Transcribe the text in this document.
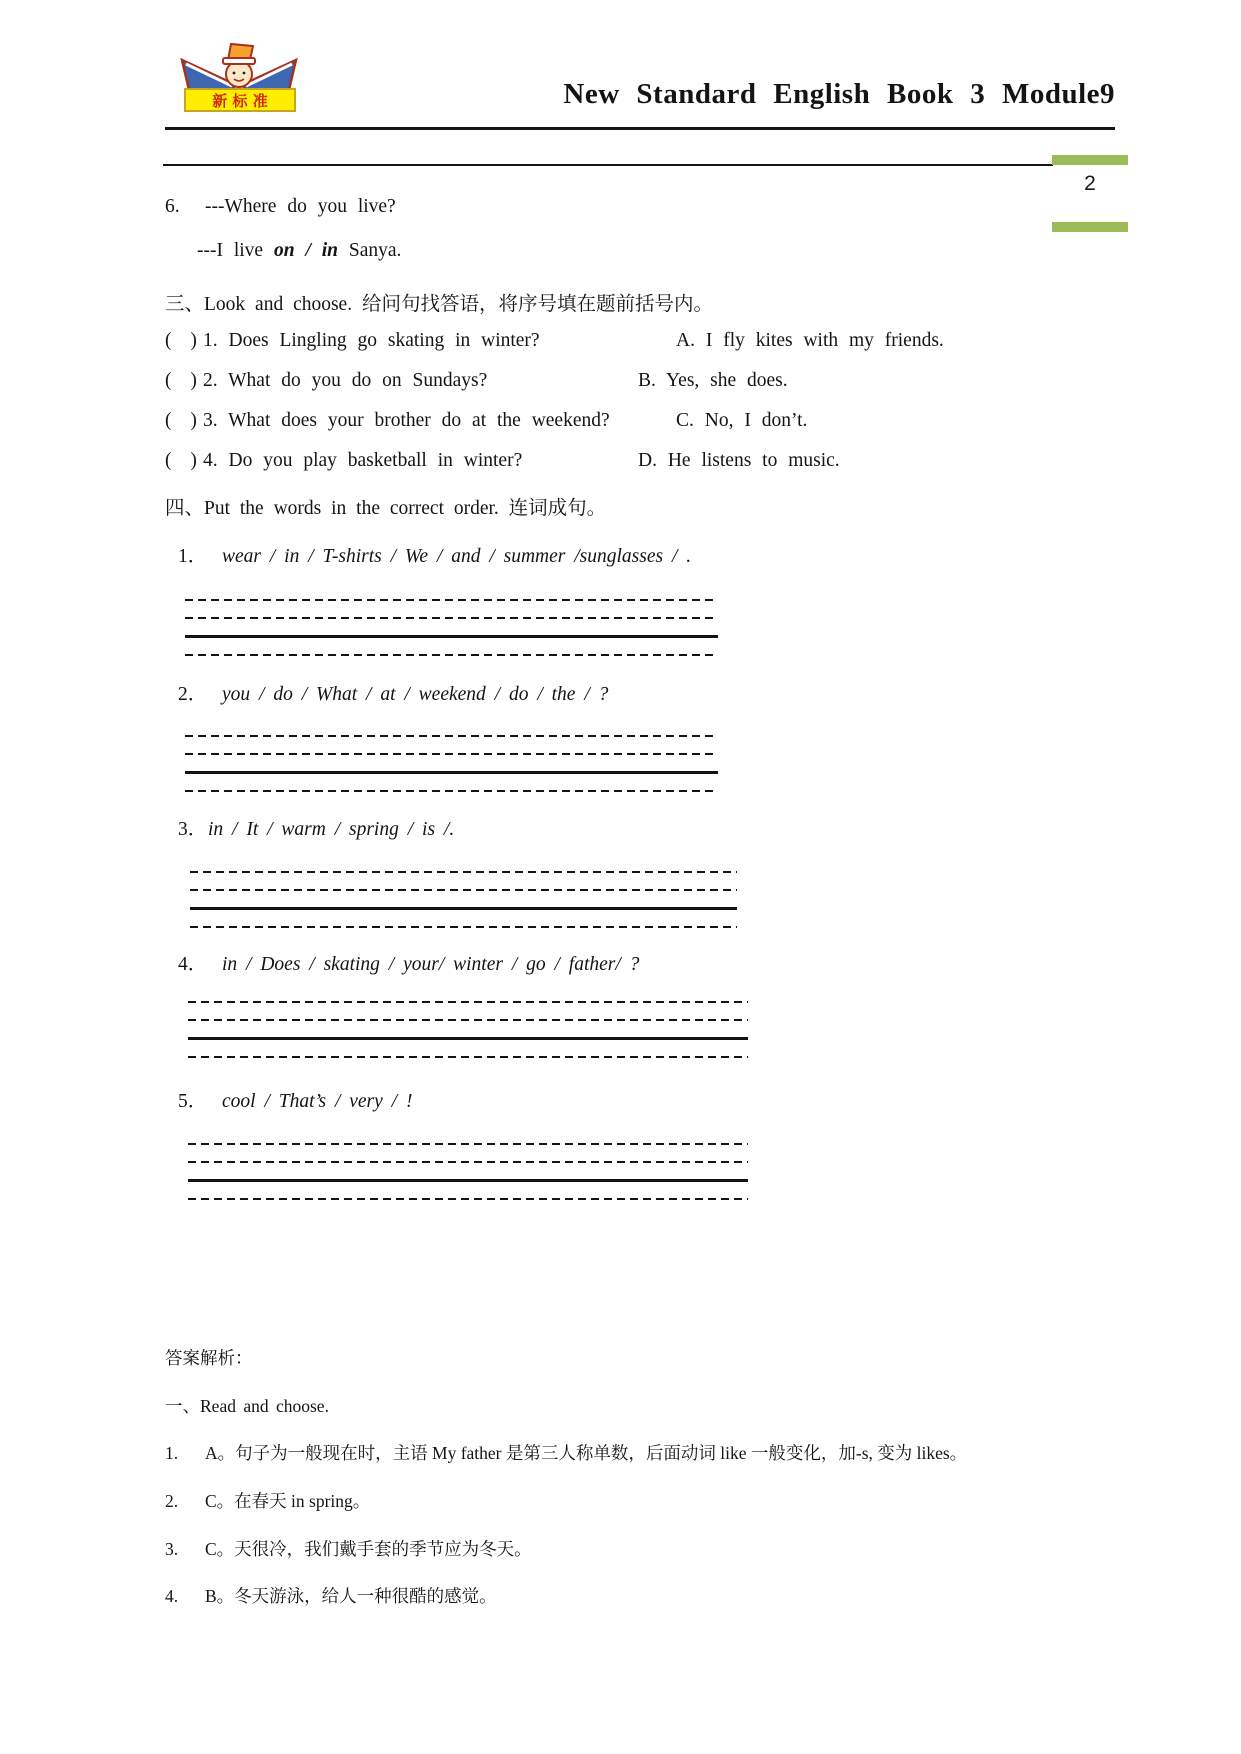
新 标 准	New Standard English Book 3 Module9
2
6.	---Where do you live?
---I live on / in Sanya.
三、Look and choose. 给问句找答语，将序号填在题前括号内。
( ) 1. Does Lingling go skating in winter?	A. I fly kites with my friends.
( ) 2. What do you do on Sundays?	B. Yes, she does.
( ) 3. What does your brother do at the weekend?	C. No, I don’t.
( ) 4. Do you play basketball in winter?	D. He listens to music.
四、Put the words in the correct order. 连词成句。
1． wear / in / T-shirts / We / and / summer /sunglasses / .
2． you / do / What / at / weekend / do / the / ?
3．in / It / warm / spring / is /.
4． in / Does / skating / your/ winter / go / father/ ?
5． cool / That’s / very / !
答案解析：
一、Read and choose.
1. A。句子为一般现在时，主语 My father 是第三人称单数，后面动词 like 一般变化，加-s, 变为 likes。
2. C。在春天 in spring。
3. C。天很冷，我们戴手套的季节应为冬天。
4. B。冬天游泳，给人一种很酷的感觉。
